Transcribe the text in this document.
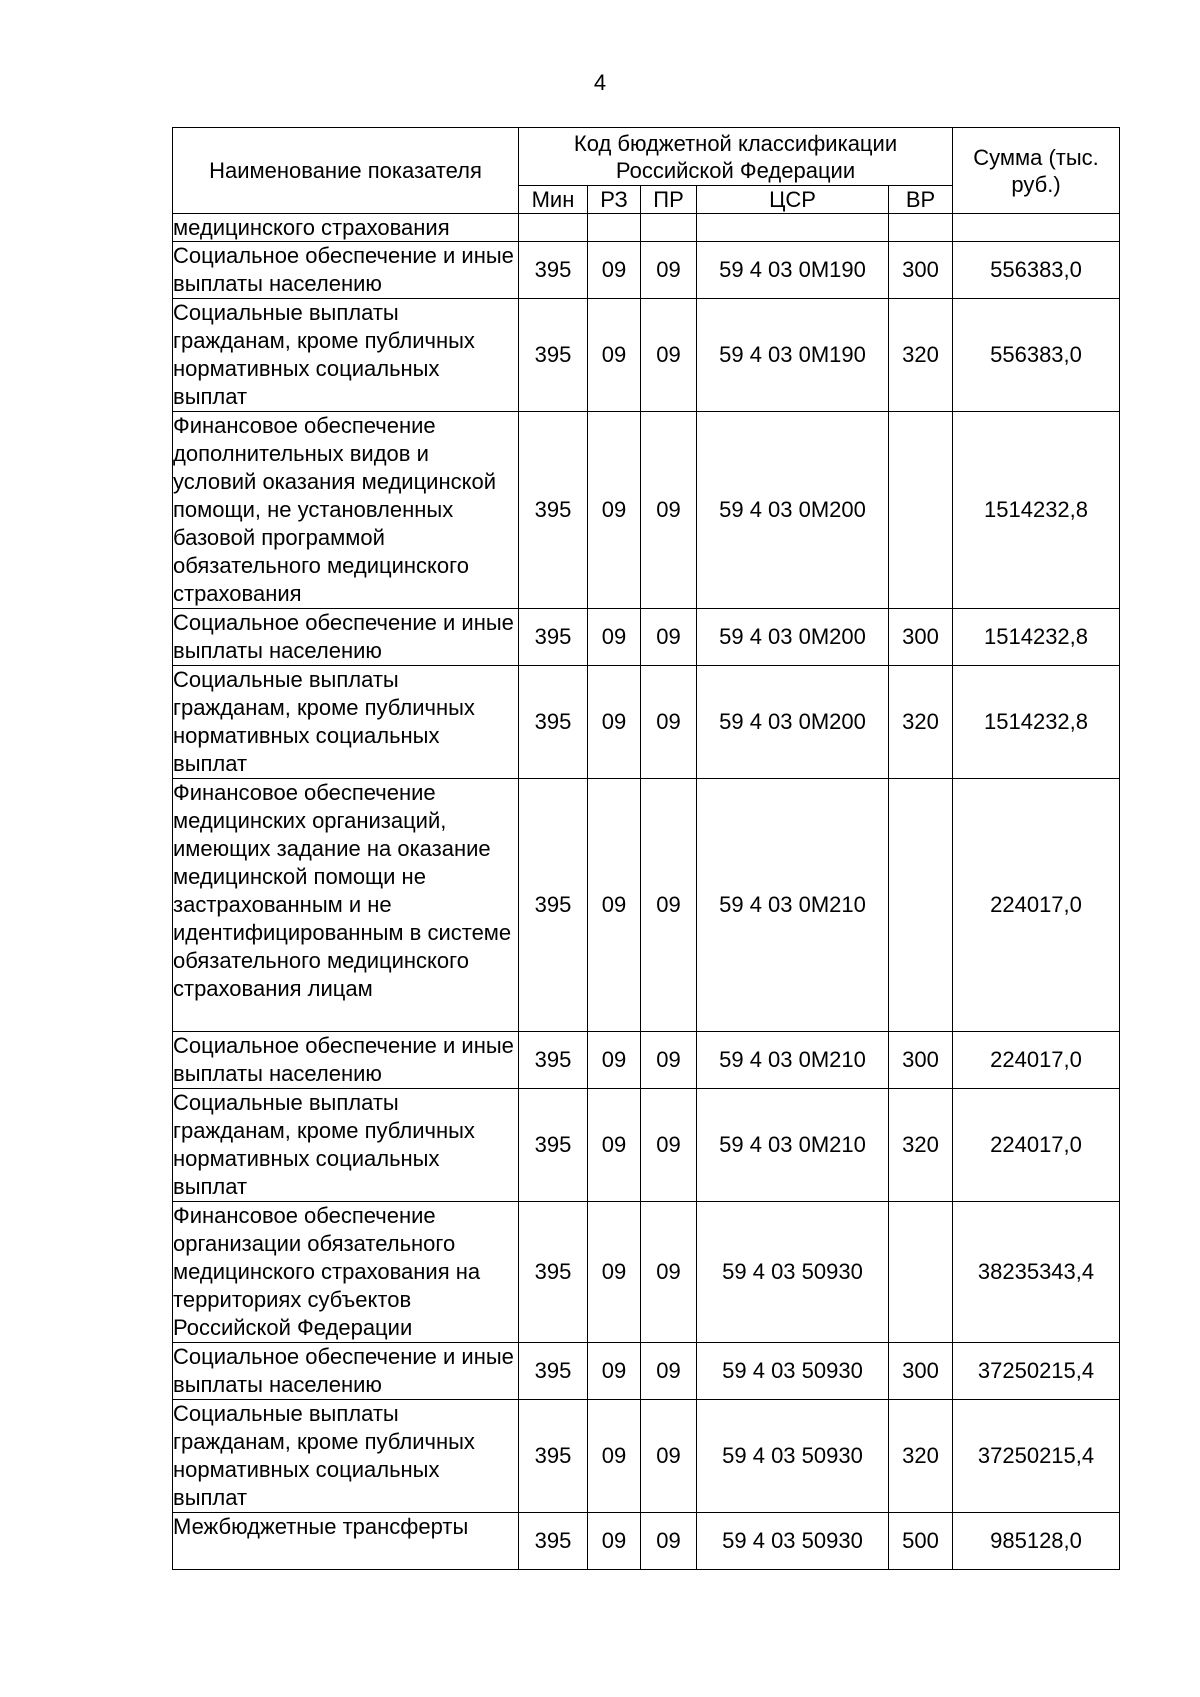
4
Наименование показателя	Код бюджетной классификации Российской Федерации					Сумма (тыс. руб.)
	Мин	РЗ	ПР	ЦСР	ВР	
медицинского страхования						
Социальное обеспечение и иные выплаты населению	395	09	09	59 4 03 0М190	300	556383,0
Социальные выплаты гражданам, кроме публичных нормативных социальных выплат	395	09	09	59 4 03 0М190	320	556383,0
Финансовое обеспечение дополнительных видов и условий оказания медицинской помощи, не установленных базовой программой обязательного медицинского страхования	395	09	09	59 4 03 0М200		1514232,8
Социальное обеспечение и иные выплаты населению	395	09	09	59 4 03 0М200	300	1514232,8
Социальные выплаты гражданам, кроме публичных нормативных социальных выплат	395	09	09	59 4 03 0М200	320	1514232,8
Финансовое обеспечение медицинских организаций, имеющих задание на оказание медицинской помощи не застрахованным и не идентифицированным в системе обязательного медицинского страхования лицам	395	09	09	59 4 03 0М210		224017,0
Социальное обеспечение и иные выплаты населению	395	09	09	59 4 03 0М210	300	224017,0
Социальные выплаты гражданам, кроме публичных нормативных социальных выплат	395	09	09	59 4 03 0М210	320	224017,0
Финансовое обеспечение организации обязательного медицинского страхования на территориях субъектов Российской Федерации	395	09	09	59 4 03 50930		38235343,4
Социальное обеспечение и иные выплаты населению	395	09	09	59 4 03 50930	300	37250215,4
Социальные выплаты гражданам, кроме публичных нормативных социальных выплат	395	09	09	59 4 03 50930	320	37250215,4
Межбюджетные трансферты	395	09	09	59 4 03 50930	500	985128,0
